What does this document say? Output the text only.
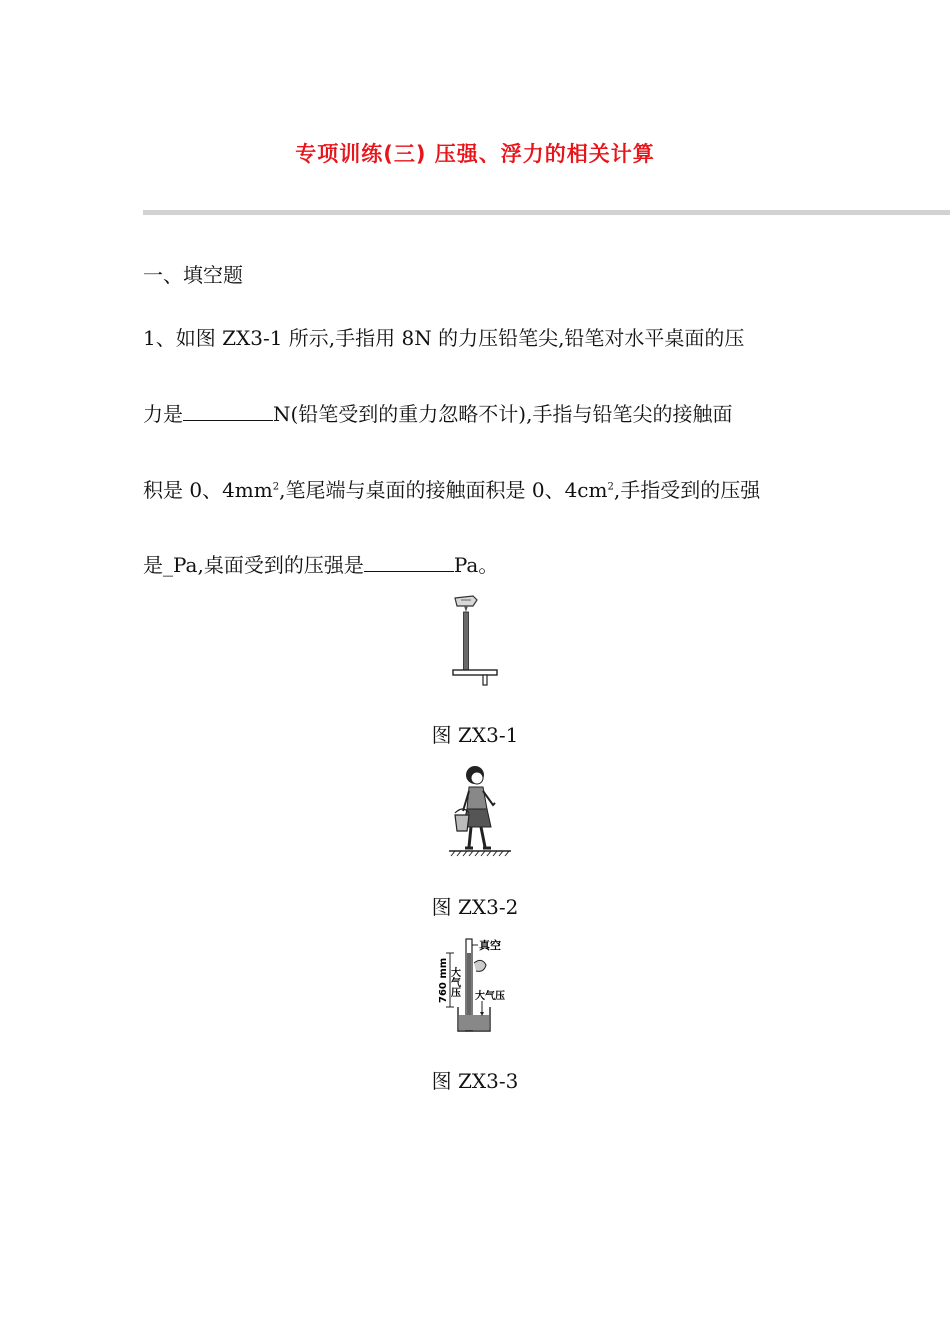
专项训练(三) 压强、浮力的相关计算
一、填空题
1、如图 ZX3-1 所示,手指用 8N 的力压铅笔尖,铅笔对水平桌面的压
力是	N(铅笔受到的重力忽略不计),手指与铅笔尖的接触面
积是 0、$4mm^2$,笔尾端与桌面的接触面积是 0、$4cm^2$,手指受到的压强
是_Pa,桌面受到的压强是	Pa。
图 ZX3-1
图 ZX3-2
真空
760 mm 大气压 大气压
图 ZX3-3
